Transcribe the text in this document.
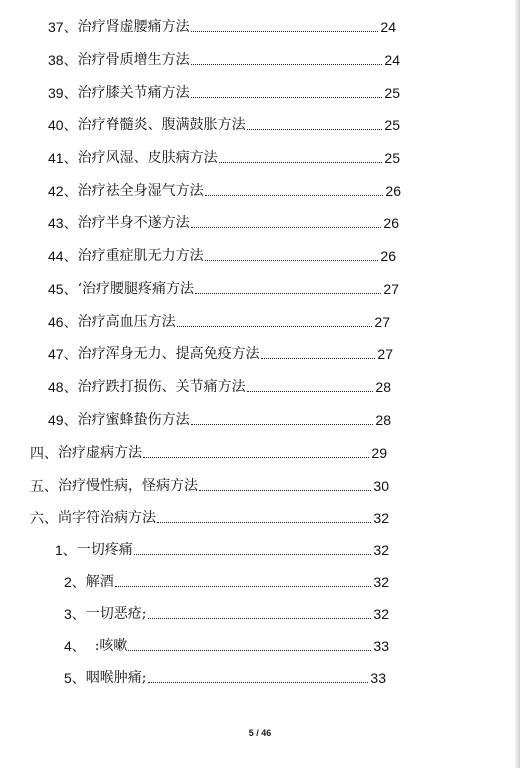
37、 治疗肾虚腰痛方法	24
38、 治疗骨质增生方法	24
39、 治疗膝关节痛方法	25
40、 治疗脊髓炎、腹满鼓胀方法	25
41、 治疗风湿、皮肤病方法	25
42、 治疗祛全身湿气方法	26
43、 治疗半身不遂方法	26
44、 治疗重症肌无力方法	26
45、 ‘治疗腰腿疼痛方法	27
46、 治疗高血压方法	27
47、 治疗浑身无力、提高免疫方法	27
48、 治疗跌打损伤、关节痛方法	28
49、 治疗蜜蜂蛰伤方法	28
四、 治疗虚病方法	29
五、 治疗慢性病，怪病方法	30
六、 尚字符治病方法	32
1、 一切疼痛	32
2、 解酒	32
3、 一切恶疮;	32
4、 :咳嗽	33
5、 咽喉肿痛;	33
5 / 46
